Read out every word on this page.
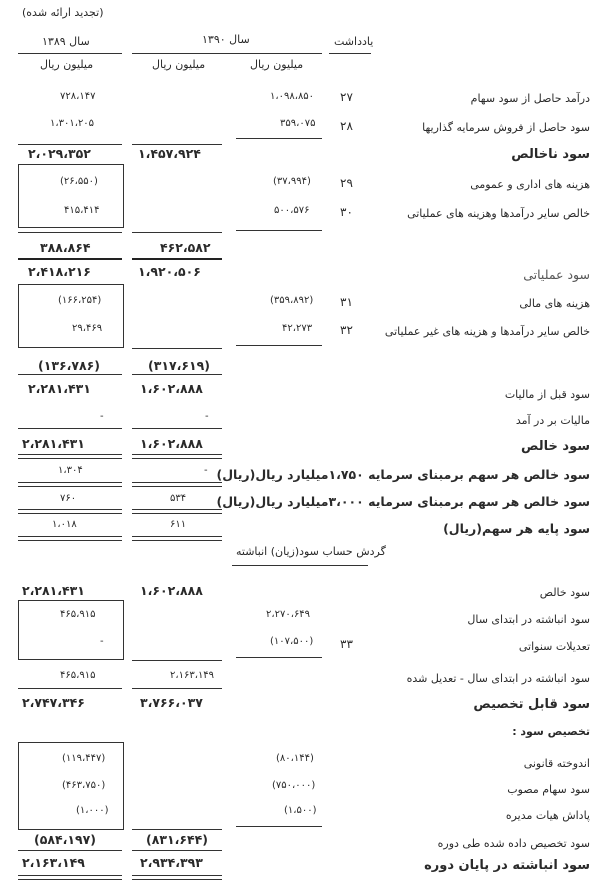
(تجدید ارائه شده)
یادداشت
سال ۱۳۹۰
سال ۱۳۸۹
میلیون ریال
میلیون ریال
میلیون ریال
درآمد حاصل از سود سهام
۲۷
۱،۰۹۸،۸۵۰
۷۲۸،۱۴۷
سود حاصل از فروش سرمایه گذاریها
۲۸
۳۵۹،۰۷۵
۱،۳۰۱،۲۰۵
سود ناخالص
۱،۴۵۷،۹۲۴
۲،۰۲۹،۳۵۲
هزینه های اداری و عمومی
۲۹
(۳۷،۹۹۴)
(۲۶،۵۵۰)
خالص سایر درآمدها وهزینه های عملیاتی
۳۰
۵۰۰،۵۷۶
۴۱۵،۴۱۴
۳۸۸،۸۶۴	۴۶۲،۵۸۲
سود عملیاتی
۱،۹۲۰،۵۰۶
۲،۴۱۸،۲۱۶
هزینه های مالی
۳۱
(۳۵۹،۸۹۲)
(۱۶۶،۲۵۴)
خالص سایر درآمدها و هزینه های غیر عملیاتی
۳۲
۴۲،۲۷۳
۲۹،۴۶۹
(۱۳۶،۷۸۶)	(۳۱۷،۶۱۹)
سود قبل از مالیات
۱،۶۰۲،۸۸۸
۲،۲۸۱،۴۳۱
مالیات بر در آمد
-
-
سود خالص
۱،۶۰۲،۸۸۸
۲،۲۸۱،۴۳۱
سود خالص هر سهم برمبنای سرمایه ۱،۷۵۰میلیارد ریال(ریال)
-
۱،۳۰۴
سود خالص هر سهم برمبنای سرمایه ۳،۰۰۰میلیارد ریال(ریال)
۵۳۴
۷۶۰
سود پایه هر سهم(ریال)
۶۱۱
۱،۰۱۸
گردش حساب سود(زیان) انباشته
سود خالص
۱،۶۰۲،۸۸۸
۲،۲۸۱،۴۳۱
سود انباشته در ابتدای سال
۲،۲۷۰،۶۴۹
۴۶۵،۹۱۵
تعدیلات سنواتی
۳۳
(۱۰۷،۵۰۰)
-
سود انباشته در ابتدای سال - تعدیل شده
۲،۱۶۳،۱۴۹
۴۶۵،۹۱۵
سود قابل تخصیص
۳،۷۶۶،۰۳۷
۲،۷۴۷،۳۴۶
تخصیص سود :
اندوخته قانونی
(۸۰،۱۴۴)
(۱۱۹،۴۴۷)
سود سهام مصوب
(۷۵۰،۰۰۰)
(۴۶۳،۷۵۰)
پاداش هیات مدیره
(۱،۵۰۰)
(۱،۰۰۰)
سود تخصیص داده شده طی دوره
(۸۳۱،۶۴۴)
(۵۸۴،۱۹۷)
سود انباشته در پایان دوره
۲،۹۳۴،۳۹۳
۲،۱۶۳،۱۴۹
